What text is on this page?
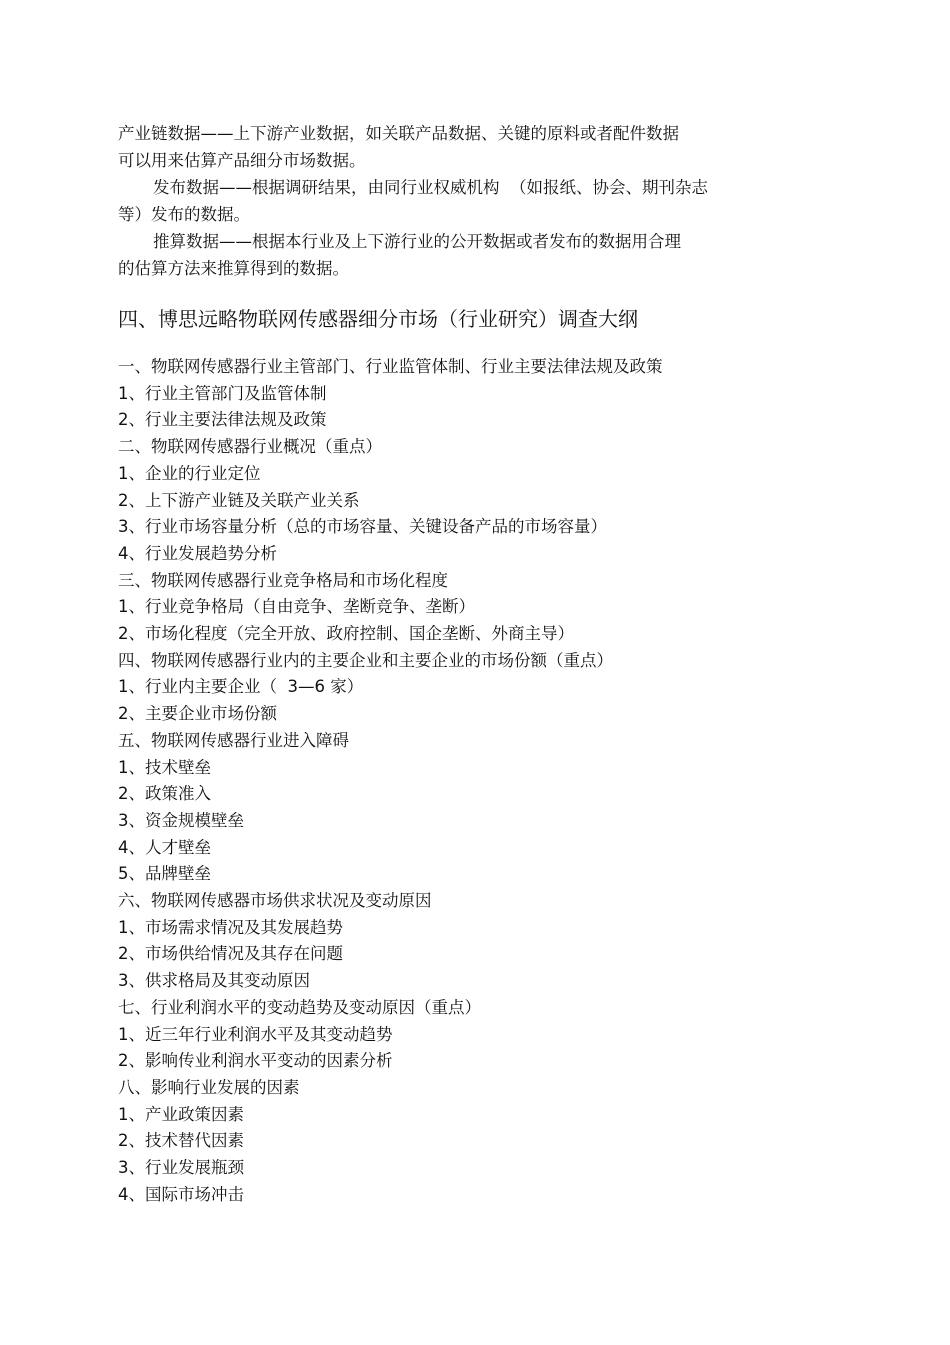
产业链数据——上下游产业数据，如关联产品数据、关键的原料或者配件数据

可以用来估算产品细分市场数据。

发布数据——根据调研结果，由同行业权威机构  （如报纸、协会、期刊杂志

等）发布的数据。

推算数据——根据本行业及上下游行业的公开数据或者发布的数据用合理

的估算方法来推算得到的数据。

四、博思远略物联网传感器细分市场（行业研究）调查大纲
一、物联网传感器行业主管部门、行业监管体制、行业主要法律法规及政策
1、行业主管部门及监管体制
2、行业主要法律法规及政策
二、物联网传感器行业概况（重点）
1、企业的行业定位
2、上下游产业链及关联产业关系
3、行业市场容量分析（总的市场容量、关键设备产品的市场容量）
4、行业发展趋势分析
三、物联网传感器行业竞争格局和市场化程度
1、行业竞争格局（自由竞争、垄断竞争、垄断）
2、市场化程度（完全开放、政府控制、国企垄断、外商主导）
四、物联网传感器行业内的主要企业和主要企业的市场份额（重点）
1、行业内主要企业（  3—6 家）
2、主要企业市场份额
五、物联网传感器行业进入障碍
1、技术壁垒
2、政策准入
3、资金规模壁垒
4、人才壁垒
5、品牌壁垒
六、物联网传感器市场供求状况及变动原因
1、市场需求情况及其发展趋势
2、市场供给情况及其存在问题
3、供求格局及其变动原因
七、行业利润水平的变动趋势及变动原因（重点）
1、近三年行业利润水平及其变动趋势
2、影响传业利润水平变动的因素分析
八、影响行业发展的因素
1、产业政策因素
2、技术替代因素
3、行业发展瓶颈
4、国际市场冲击
